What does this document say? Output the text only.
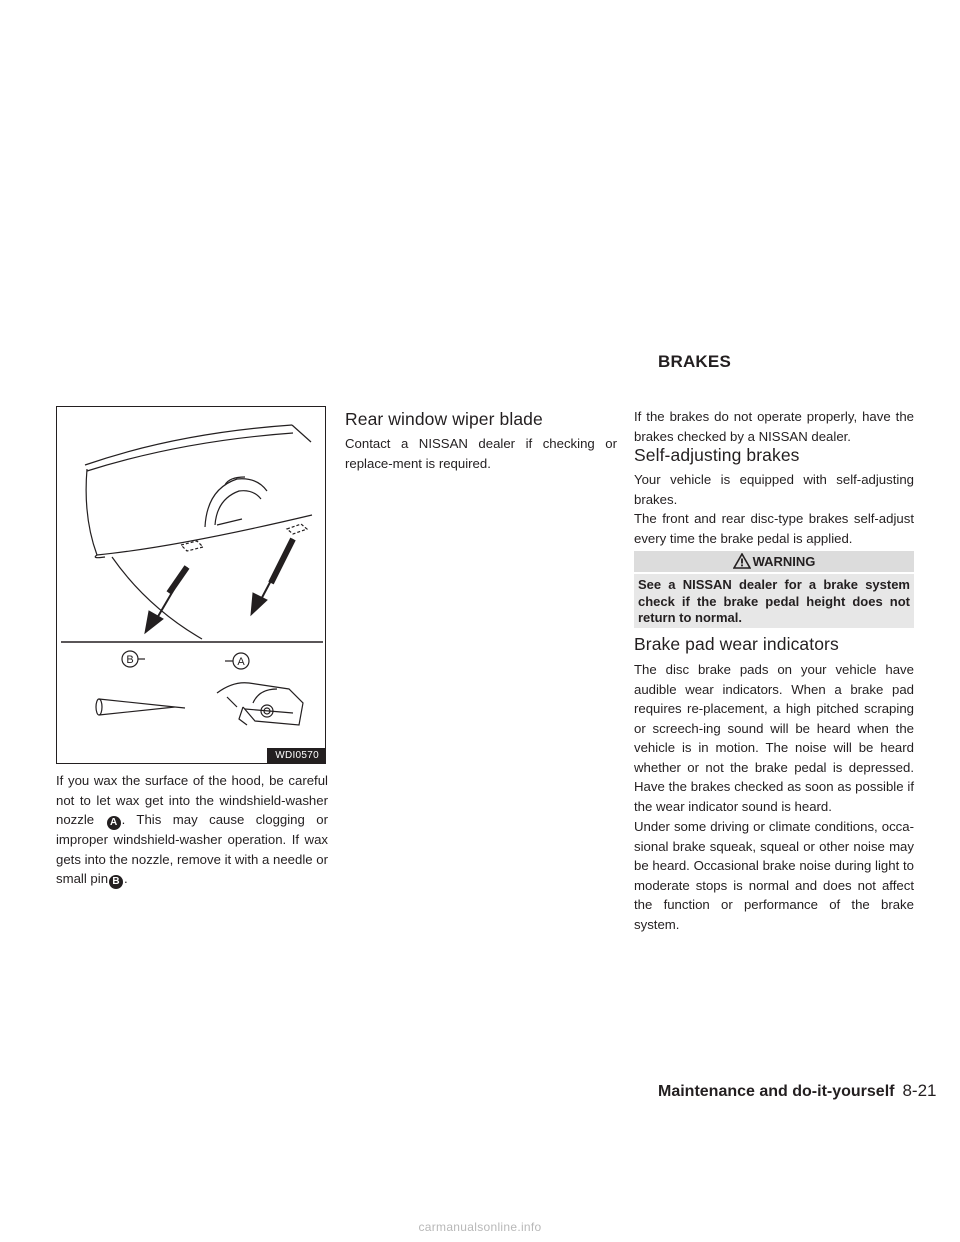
BRAKES
B	A
WDI0570

If you wax the surface of the hood, be careful not to let wax get into the windshield-washer nozzle A . This may cause clogging or improper windshield-washer operation. If wax gets into the nozzle, remove it with a needle or small pin B .

Rear window wiper blade

Contact a NISSAN dealer if checking or replace-ment is required.

If the brakes do not operate properly, have the brakes checked by a NISSAN dealer.

Self-adjusting brakes

Your vehicle is equipped with self-adjusting brakes.

The front and rear disc-type brakes self-adjust every time the brake pedal is applied.

WARNING
See a NISSAN dealer for a brake system check if the brake pedal height does not return to normal.
Brake pad wear indicators

The disc brake pads on your vehicle have audible wear indicators. When a brake pad requires re-placement, a high pitched scraping or screech-ing sound will be heard when the vehicle is in motion. The noise will be heard whether or not the brake pedal is depressed. Have the brakes checked as soon as possible if the wear indicator sound is heard.

Under some driving or climate conditions, occa-sional brake squeak, squeal or other noise may be heard. Occasional brake noise during light to moderate stops is normal and does not affect the function or performance of the brake system.

Maintenance and do-it-yourself 8-21
carmanualsonline.info
